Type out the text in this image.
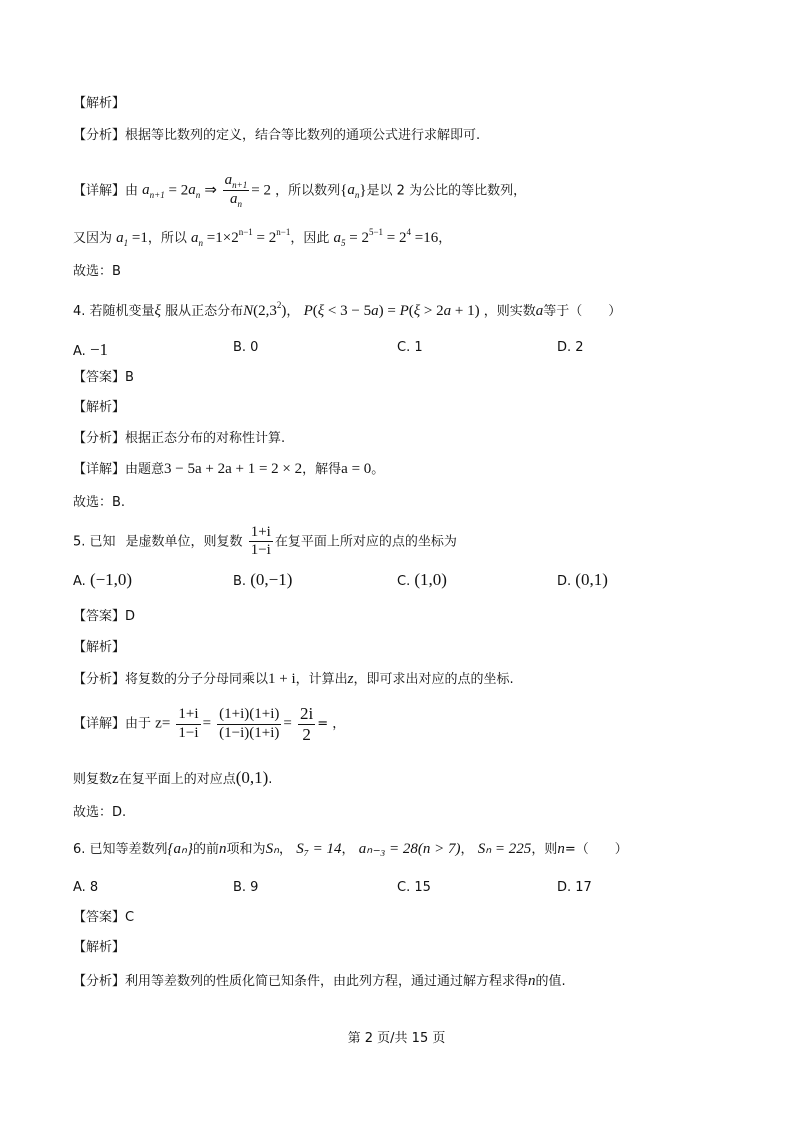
【解析】
【分析】根据等比数列的定义，结合等比数列的通项公式进行求解即可.
【详解】由 $a_{n+1} = 2a_n$ ⇒ $\frac{a_{n+1}}{a_n} = 2$ ，所以数列$\{a_n\}$是以 2 为公比的等比数列，
又因为 $a_1 =1$，所以 $a_n =1\times 2^{n-1} = 2^{n-1}$，因此 $a_5 = 2^{5-1} = 2^4 =16$，
故选：B
4. 若随机变量ξ 服从正态分布$N(2,3^2)$， P(ξ < 3 − 5a) = P(ξ > 2a + 1) ，则实数a等于（　　）
A. −1	B. 0	C. 1	D. 2
【答案】B
【解析】
【分析】根据正态分布的对称性计算.
【详解】由题意3 − 5a + 2a + 1 = 2 × 2，解得a = 0。
故选：B.
5. 已知 是虚数单位，则复数 $\frac{1+i}{1-i}$ 在复平面上所对应的点的坐标为
A. (−1,0)	B. (0,−1)	C. (1,0)	D. (0,1)
【答案】D
【解析】
【分析】将复数的分子分母同乘以1 + i，计算出z，即可求出对应的点的坐标.
【详解】由于 $z= \frac{1+i}{1-i} = \frac{(1+i)(1+i)}{(1-i)(1+i)} = \frac{2i}{2}$ = ，
则复数z在复平面上的对应点(0,1).
故选：D.
6. 已知等差数列{aₙ}的前n项和为Sₙ， S₇ = 14， aₙ₋₃ = 28(n > 7)， Sₙ = 225，则n=（　　）
A. 8	B. 9	C. 15	D. 17
【答案】C
【解析】
【分析】利用等差数列的性质化简已知条件，由此列方程，通过通过解方程求得n的值.
第 2 页/共 15 页
